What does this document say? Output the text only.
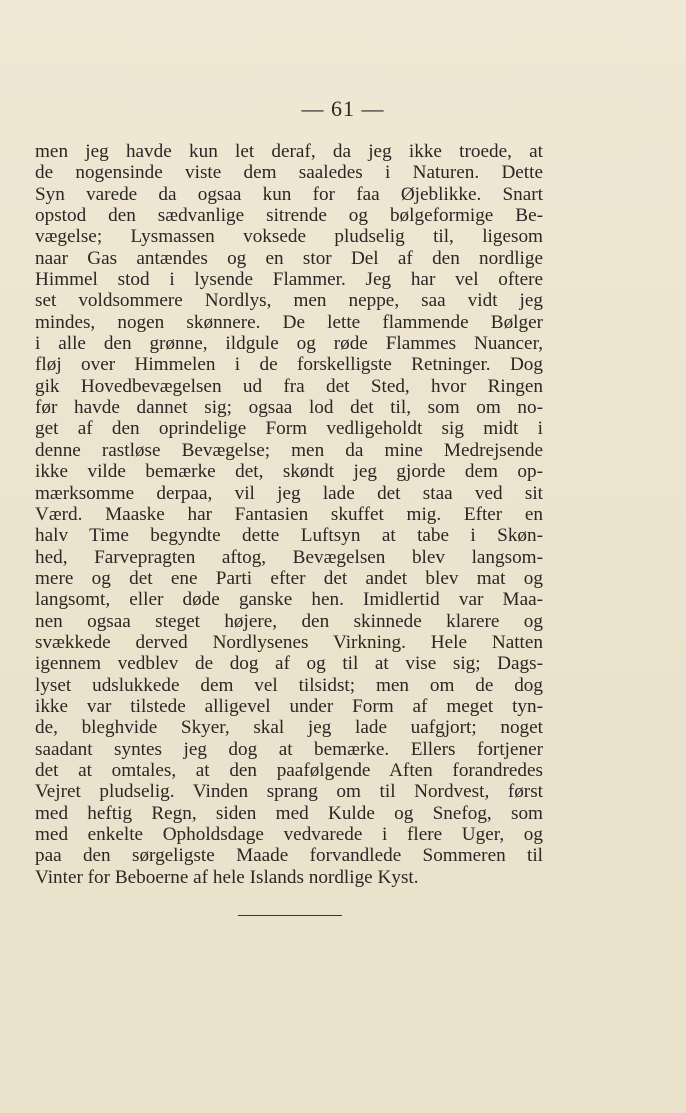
— 61 —
men jeg havde kun let deraf, da jeg ikke troede, at
de nogensinde viste dem saaledes i Naturen. Dette
Syn varede da ogsaa kun for faa Øjeblikke. Snart
opstod den sædvanlige sitrende og bølgeformige Be-
vægelse; Lysmassen voksede pludselig til, ligesom
naar Gas antændes og en stor Del af den nordlige
Himmel stod i lysende Flammer. Jeg har vel oftere
set voldsommere Nordlys, men neppe, saa vidt jeg
mindes, nogen skønnere. De lette flammende Bølger
i alle den grønne, ildgule og røde Flammes Nuancer,
fløj over Himmelen i de forskelligste Retninger. Dog
gik Hovedbevægelsen ud fra det Sted, hvor Ringen
før havde dannet sig; ogsaa lod det til, som om no-
get af den oprindelige Form vedligeholdt sig midt i
denne rastløse Bevægelse; men da mine Medrejsende
ikke vilde bemærke det, skøndt jeg gjorde dem op-
mærksomme derpaa, vil jeg lade det staa ved sit
Værd. Maaske har Fantasien skuffet mig. Efter en
halv Time begyndte dette Luftsyn at tabe i Skøn-
hed, Farvepragten aftog, Bevægelsen blev langsom-
mere og det ene Parti efter det andet blev mat og
langsomt, eller døde ganske hen. Imidlertid var Maa-
nen ogsaa steget højere, den skinnede klarere og
svækkede derved Nordlysenes Virkning. Hele Natten
igennem vedblev de dog af og til at vise sig; Dags-
lyset udslukkede dem vel tilsidst; men om de dog
ikke var tilstede alligevel under Form af meget tyn-
de, bleghvide Skyer, skal jeg lade uafgjort; noget
saadant syntes jeg dog at bemærke. Ellers fortjener
det at omtales, at den paafølgende Aften forandredes
Vejret pludselig. Vinden sprang om til Nordvest, først
med heftig Regn, siden med Kulde og Snefog, som
med enkelte Opholdsdage vedvarede i flere Uger, og
paa den sørgeligste Maade forvandlede Sommeren til
Vinter for Beboerne af hele Islands nordlige Kyst.
